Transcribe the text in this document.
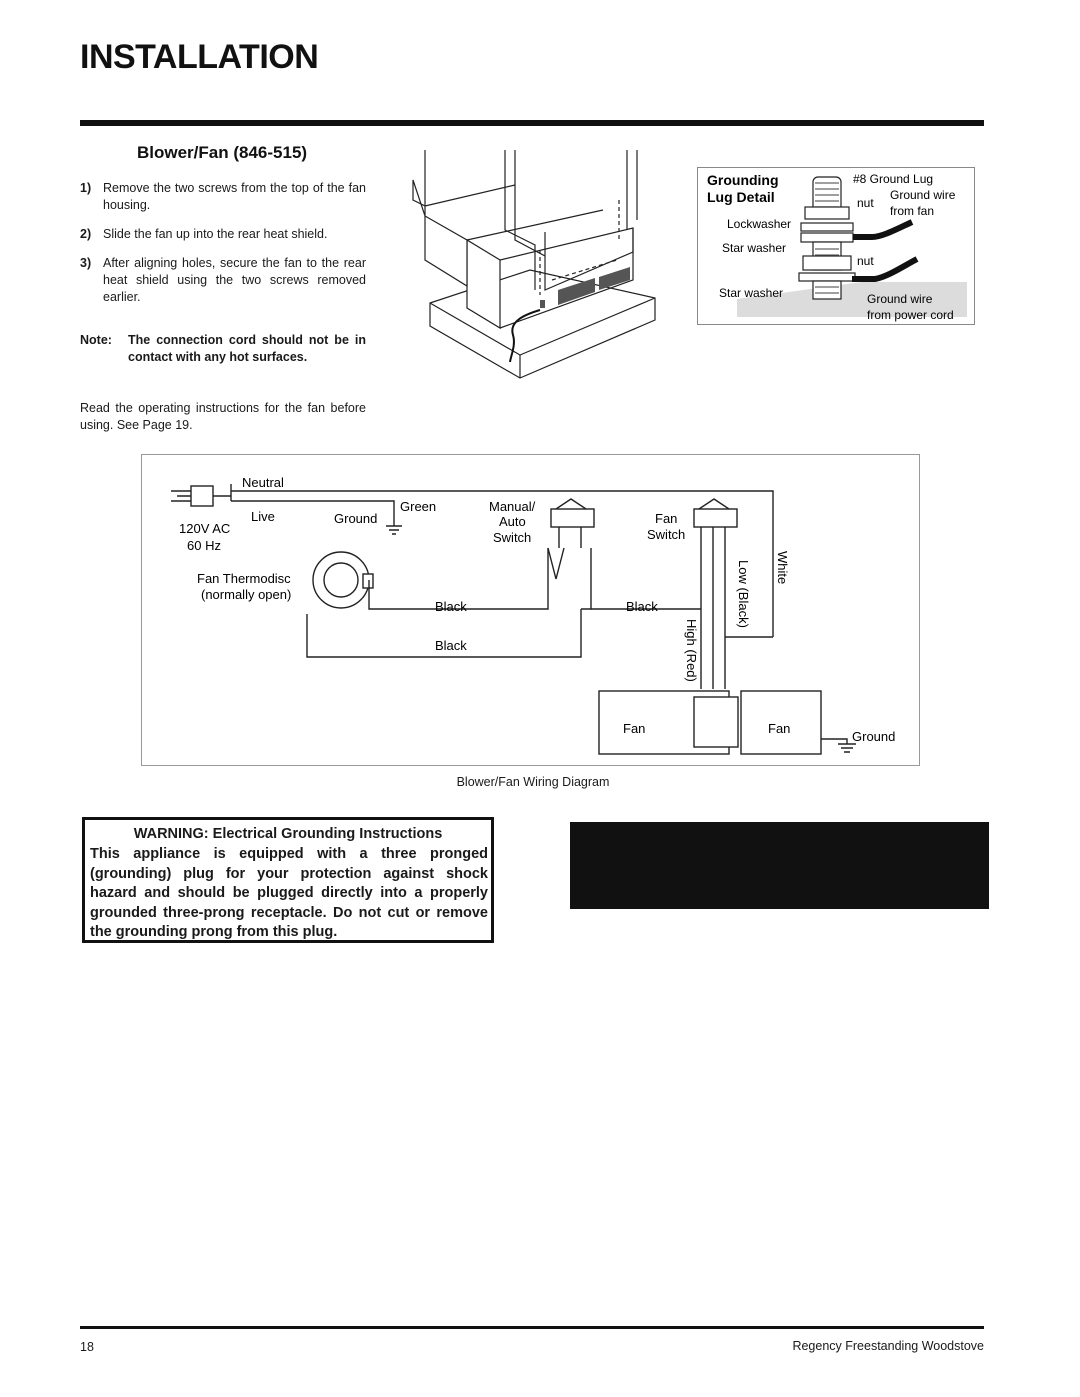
INSTALLATION
Blower/Fan (846-515)
1) Remove the two screws from the top of the fan housing.
2) Slide the fan up into the rear heat shield.
3) After aligning holes, secure the fan to the rear heat shield using the two screws removed earlier.
Note:	The connection cord should not be in contact with any hot surfaces.
Read the operating instructions for the fan before using. See Page 19.
Grounding
Lug Detail
#8 Ground Lug
nut
Ground wire
from fan
Lockwasher
Star washer
nut
Star washer	Ground wire
from power cord
Neutral
Live
120V AC
60 Hz
Ground
Green	Manual/
Auto
Switch
Fan
Switch
Fan Thermodisc
(normally open)
Black	Black
Black
White
Low (Black)
High (Red)
Fan	Fan
Ground
Blower/Fan Wiring Diagram
WARNING: Electrical Grounding Instructions
This appliance is equipped with a three pronged (grounding) plug for your protection against shock hazard and should be plugged directly into a properly grounded three-prong receptacle. Do not cut or remove the grounding prong from this plug.
18	Regency Freestanding Woodstove
